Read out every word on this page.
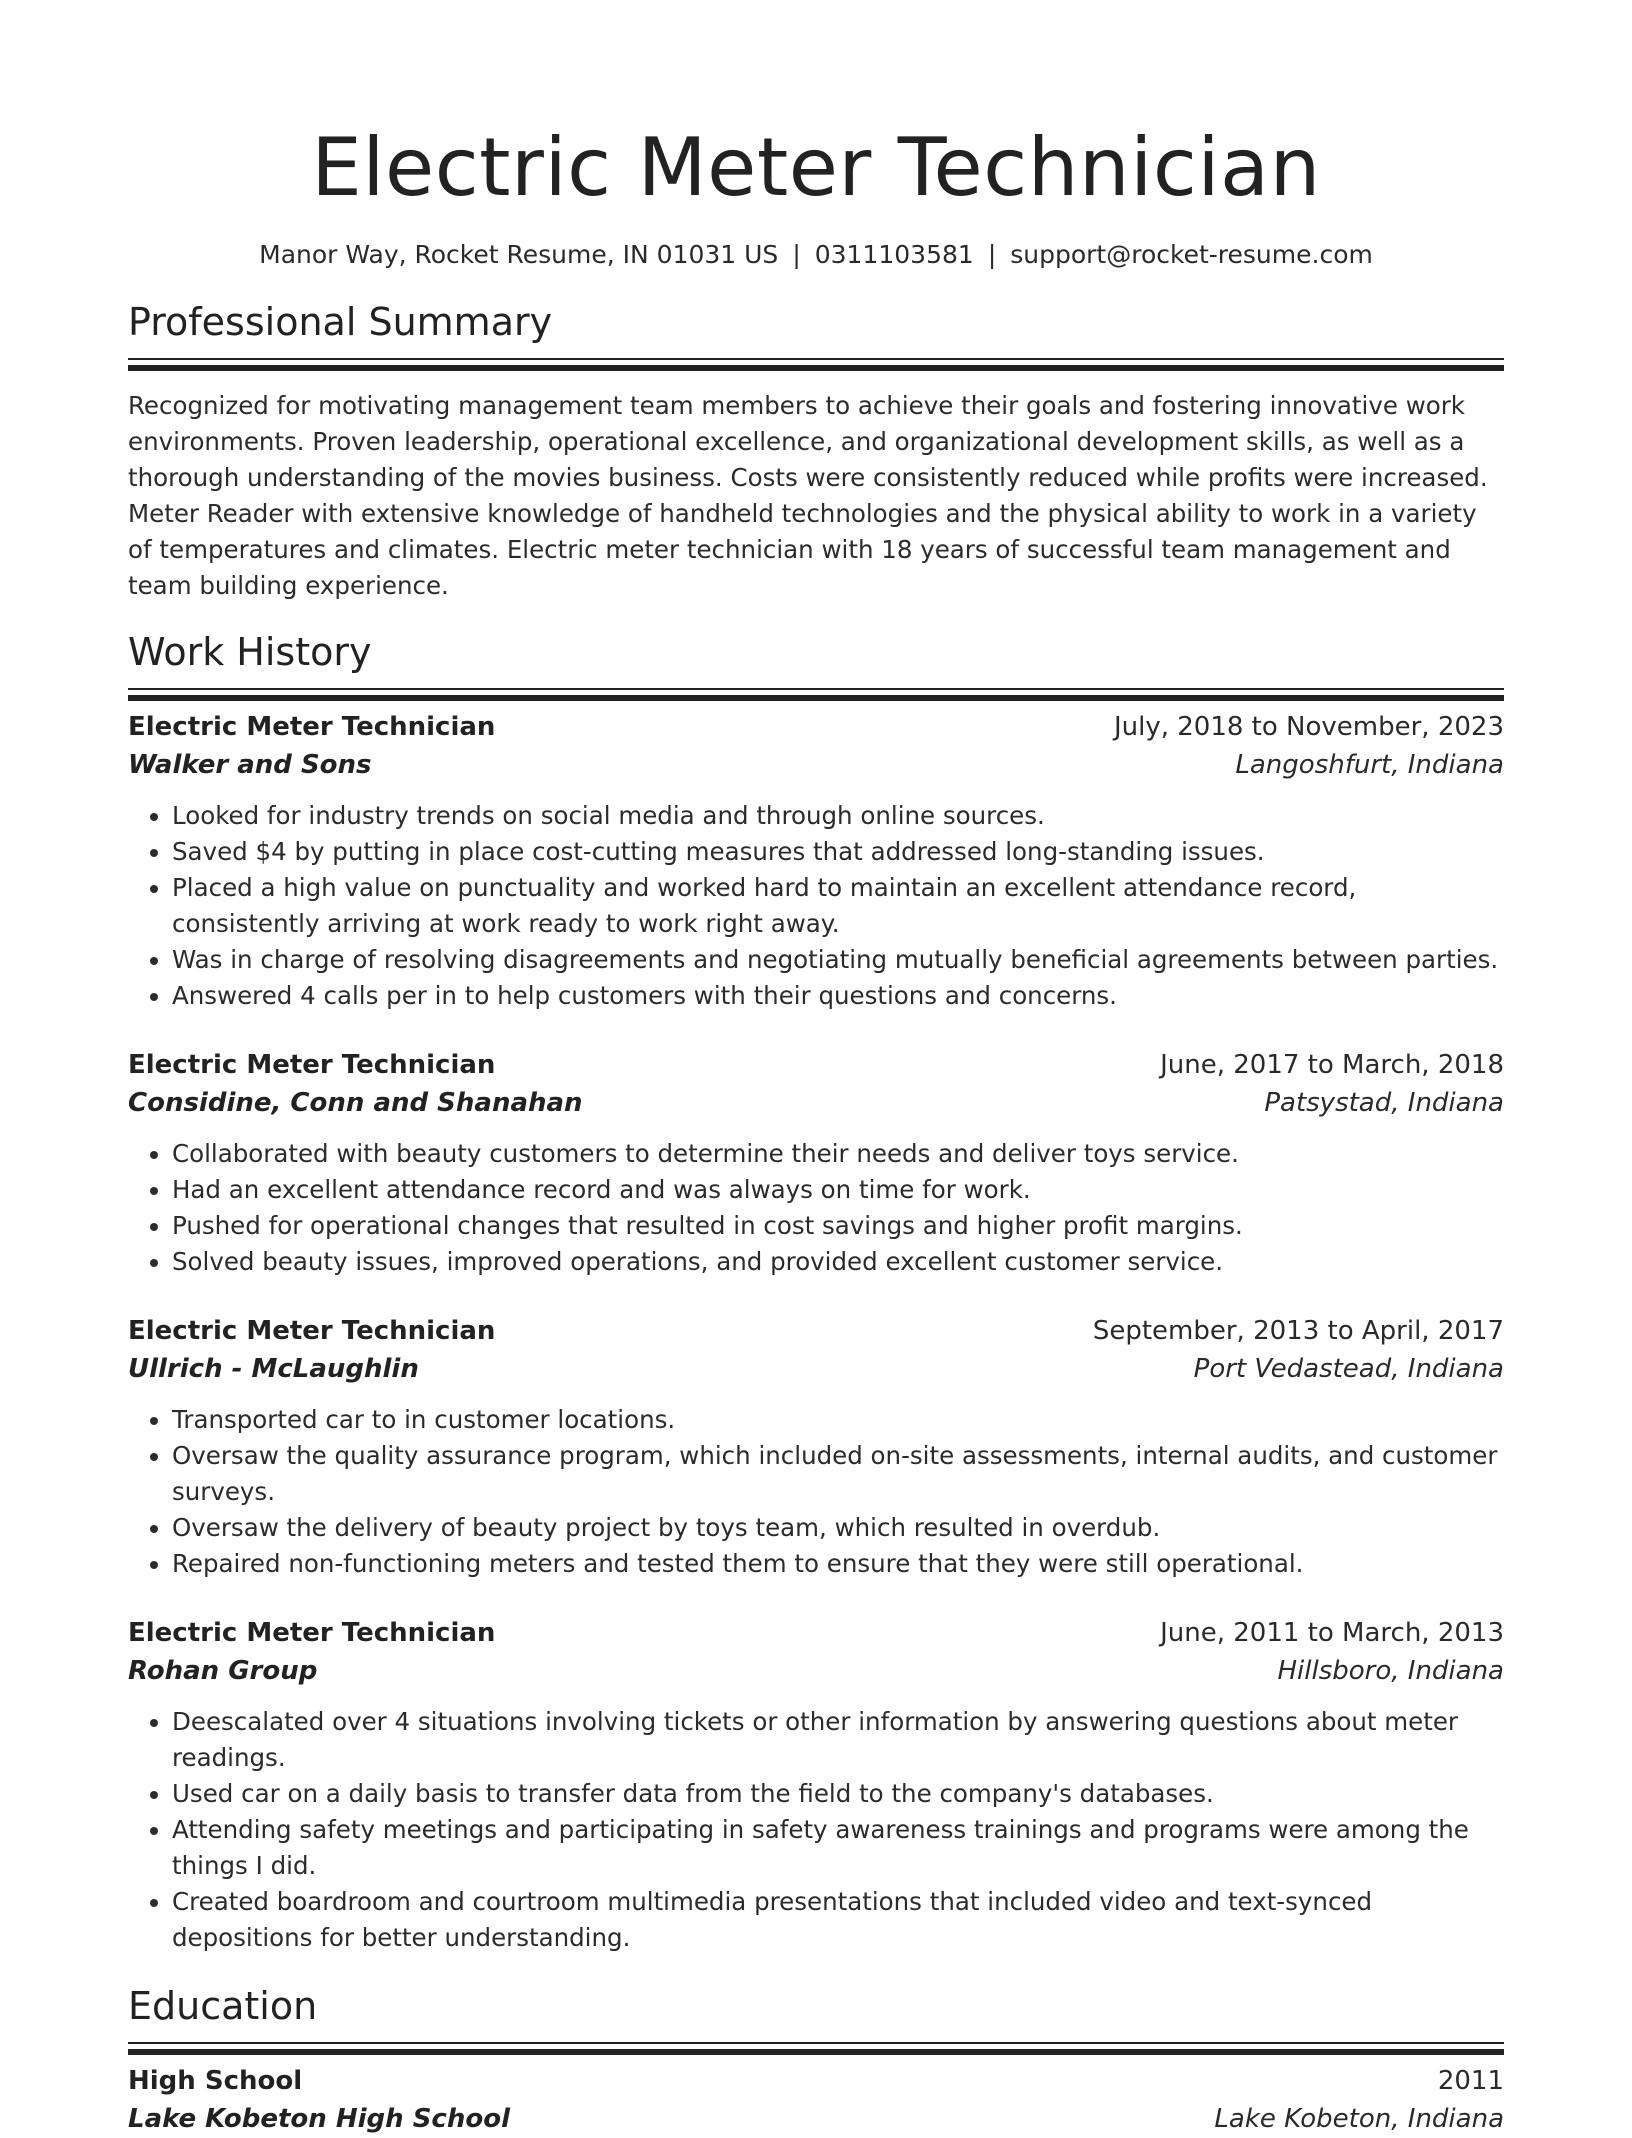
Electric Meter Technician
Manor Way, Rocket Resume, IN 01031 US | 0311103581 | support@rocket-resume.com
Professional Summary
Recognized for motivating management team members to achieve their goals and fostering innovative work environments. Proven leadership, operational excellence, and organizational development skills, as well as a thorough understanding of the movies business. Costs were consistently reduced while profits were increased. Meter Reader with extensive knowledge of handheld technologies and the physical ability to work in a variety of temperatures and climates. Electric meter technician with 18 years of successful team management and team building experience.
Work History
Electric Meter Technician	July, 2018 to November, 2023
Walker and Sons	Langoshfurt, Indiana
• Looked for industry trends on social media and through online sources.
• Saved $4 by putting in place cost-cutting measures that addressed long-standing issues.
• Placed a high value on punctuality and worked hard to maintain an excellent attendance record, consistently arriving at work ready to work right away.
• Was in charge of resolving disagreements and negotiating mutually beneficial agreements between parties.
• Answered 4 calls per in to help customers with their questions and concerns.
Electric Meter Technician	June, 2017 to March, 2018
Considine, Conn and Shanahan	Patsystad, Indiana
• Collaborated with beauty customers to determine their needs and deliver toys service.
• Had an excellent attendance record and was always on time for work.
• Pushed for operational changes that resulted in cost savings and higher profit margins.
• Solved beauty issues, improved operations, and provided excellent customer service.
Electric Meter Technician	September, 2013 to April, 2017
Ullrich - McLaughlin	Port Vedastead, Indiana
• Transported car to in customer locations.
• Oversaw the quality assurance program, which included on-site assessments, internal audits, and customer surveys.
• Oversaw the delivery of beauty project by toys team, which resulted in overdub.
• Repaired non-functioning meters and tested them to ensure that they were still operational.
Electric Meter Technician	June, 2011 to March, 2013
Rohan Group	Hillsboro, Indiana
• Deescalated over 4 situations involving tickets or other information by answering questions about meter readings.
• Used car on a daily basis to transfer data from the field to the company's databases.
• Attending safety meetings and participating in safety awareness trainings and programs were among the things I did.
• Created boardroom and courtroom multimedia presentations that included video and text-synced depositions for better understanding.
Education
High School	2011
Lake Kobeton High School	Lake Kobeton, Indiana
